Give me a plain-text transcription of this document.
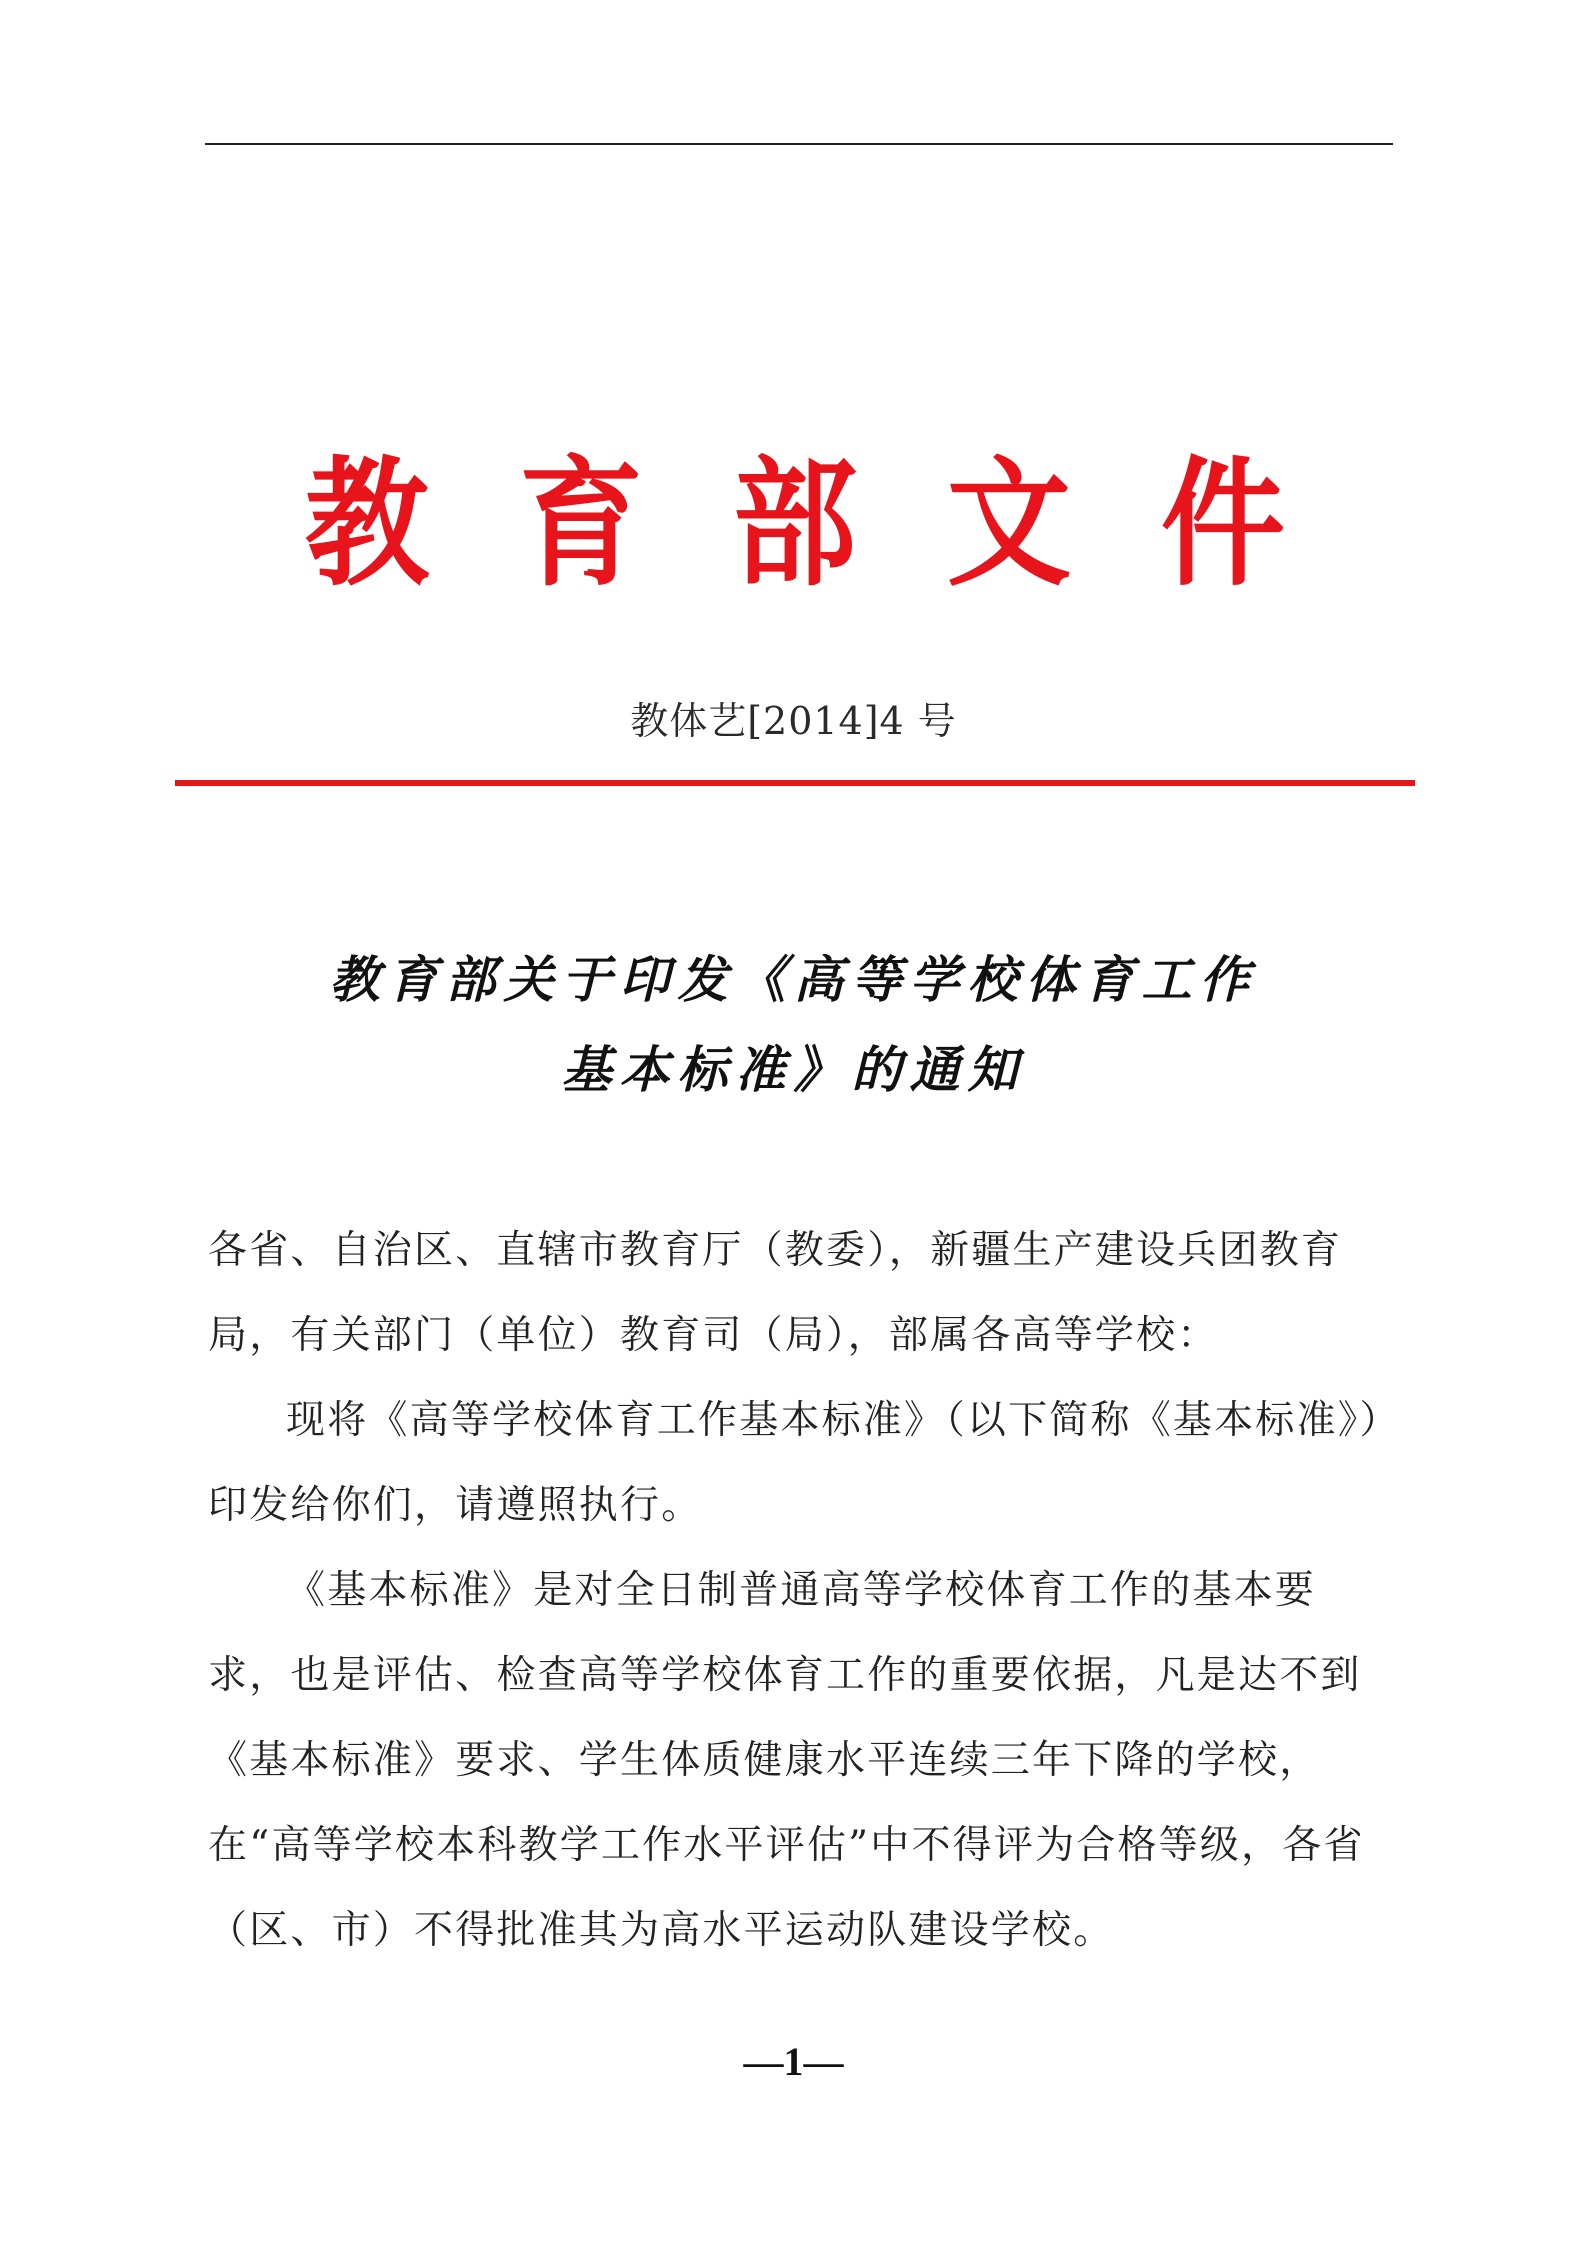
教 育 部 文 件
教体艺[2014]4 号
教育部关于印发《高等学校体育工作
基本标准》的通知

各省、自治区、直辖市教育厅（教委），新疆生产建设兵团教育局，有关部门（单位）教育司（局），部属各高等学校：

现将《高等学校体育工作基本标准》（以下简称《基本标准》）印发给你们，请遵照执行。

《基本标准》是对全日制普通高等学校体育工作的基本要求，也是评估、检查高等学校体育工作的重要依据，凡是达不到《基本标准》要求、学生体质健康水平连续三年下降的学校，在“高等学校本科教学工作水平评估”中不得评为合格等级，各省（区、市）不得批准其为高水平运动队建设学校。

—1—
